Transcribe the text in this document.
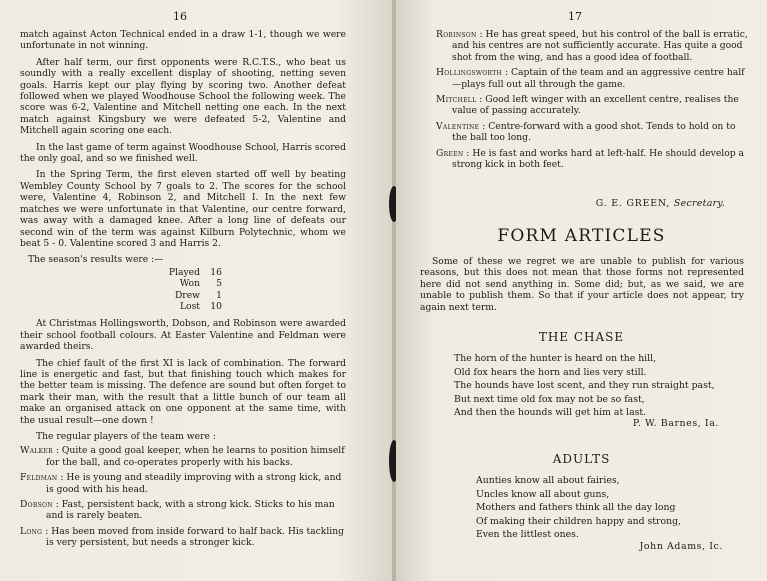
16

match against Acton Technical ended in a draw 1-1, though we were unfortunate in not winning.

After half term, our first opponents were R.C.T.S., who beat us soundly with a really excellent display of shooting, netting seven goals. Harris kept our play flying by scoring two. Another defeat followed when we played Woodhouse School the following week. The score was 6-2, Valentine and Mitchell netting one each. In the next match against Kingsbury we were defeated 5-2, Valentine and Mitchell again scoring one each.

In the last game of term against Woodhouse School, Harris scored the only goal, and so we finished well.

In the Spring Term, the first eleven started off well by beating Wembley County School by 7 goals to 2. The scores for the school were, Valentine 4, Robinson 2, and Mitchell I. In the next few matches we were unfortunate in that Valentine, our centre forward, was away with a damaged knee. After a long line of defeats our second win of the term was against Kilburn Polytechnic, whom we beat 5 - 0. Valentine scored 3 and Harris 2.

The season's results were :—
Played	16
Won	5
Drew	1
Lost	10

At Christmas Hollingsworth, Dobson, and Robinson were awarded their school football colours. At Easter Valentine and Feldman were awarded theirs.

The chief fault of the first XI is lack of combination. The forward line is energetic and fast, but that finishing touch which makes for the better team is missing. The defence are sound but often forget to mark their man, with the result that a little bunch of our team all make an organised attack on one opponent at the same time, with the usual result—one down !

The regular players of the team were :

Walker : Quite a good goal keeper, when he learns to position himself for the ball, and co-operates properly with his backs.
Feldman : He is young and steadily improving with a strong kick, and is good with his head.
Dobson : Fast, persistent back, with a strong kick. Sticks to his man and is rarely beaten.
Long : Has been moved from inside forward to half back. His tackling is very persistent, but needs a stronger kick.
17
Robinson : He has great speed, but his control of the ball is erratic, and his centres are not sufficiently accurate. Has quite a good shot from the wing, and has a good idea of football.
Hollingsworth : Captain of the team and an aggressive centre half—plays full out all through the game.
Mitchell : Good left winger with an excellent centre, realises the value of passing accurately.
Valentine : Centre-forward with a good shot. Tends to hold on to the ball too long.
Green : He is fast and works hard at left-half. He should develop a strong kick in both feet.
G. E. GREEN, Secretary.
FORM ARTICLES
Some of these we regret we are unable to publish for various reasons, but this does not mean that those forms not represented here did not send anything in. Some did; but, as we said, we are unable to publish them. So that if your article does not appear, try again next term.
THE CHASE
The horn of the hunter is heard on the hill,
Old fox hears the horn and lies very still.
The hounds have lost scent, and they run straight past,
But next time old fox may not be so fast,
And then the hounds will get him at last.
P. W. Barnes, Ia.
ADULTS
Aunties know all about fairies,
Uncles know all about guns,
Mothers and fathers think all the day long
Of making their children happy and strong,
Even the littlest ones.
John Adams, Ic.
